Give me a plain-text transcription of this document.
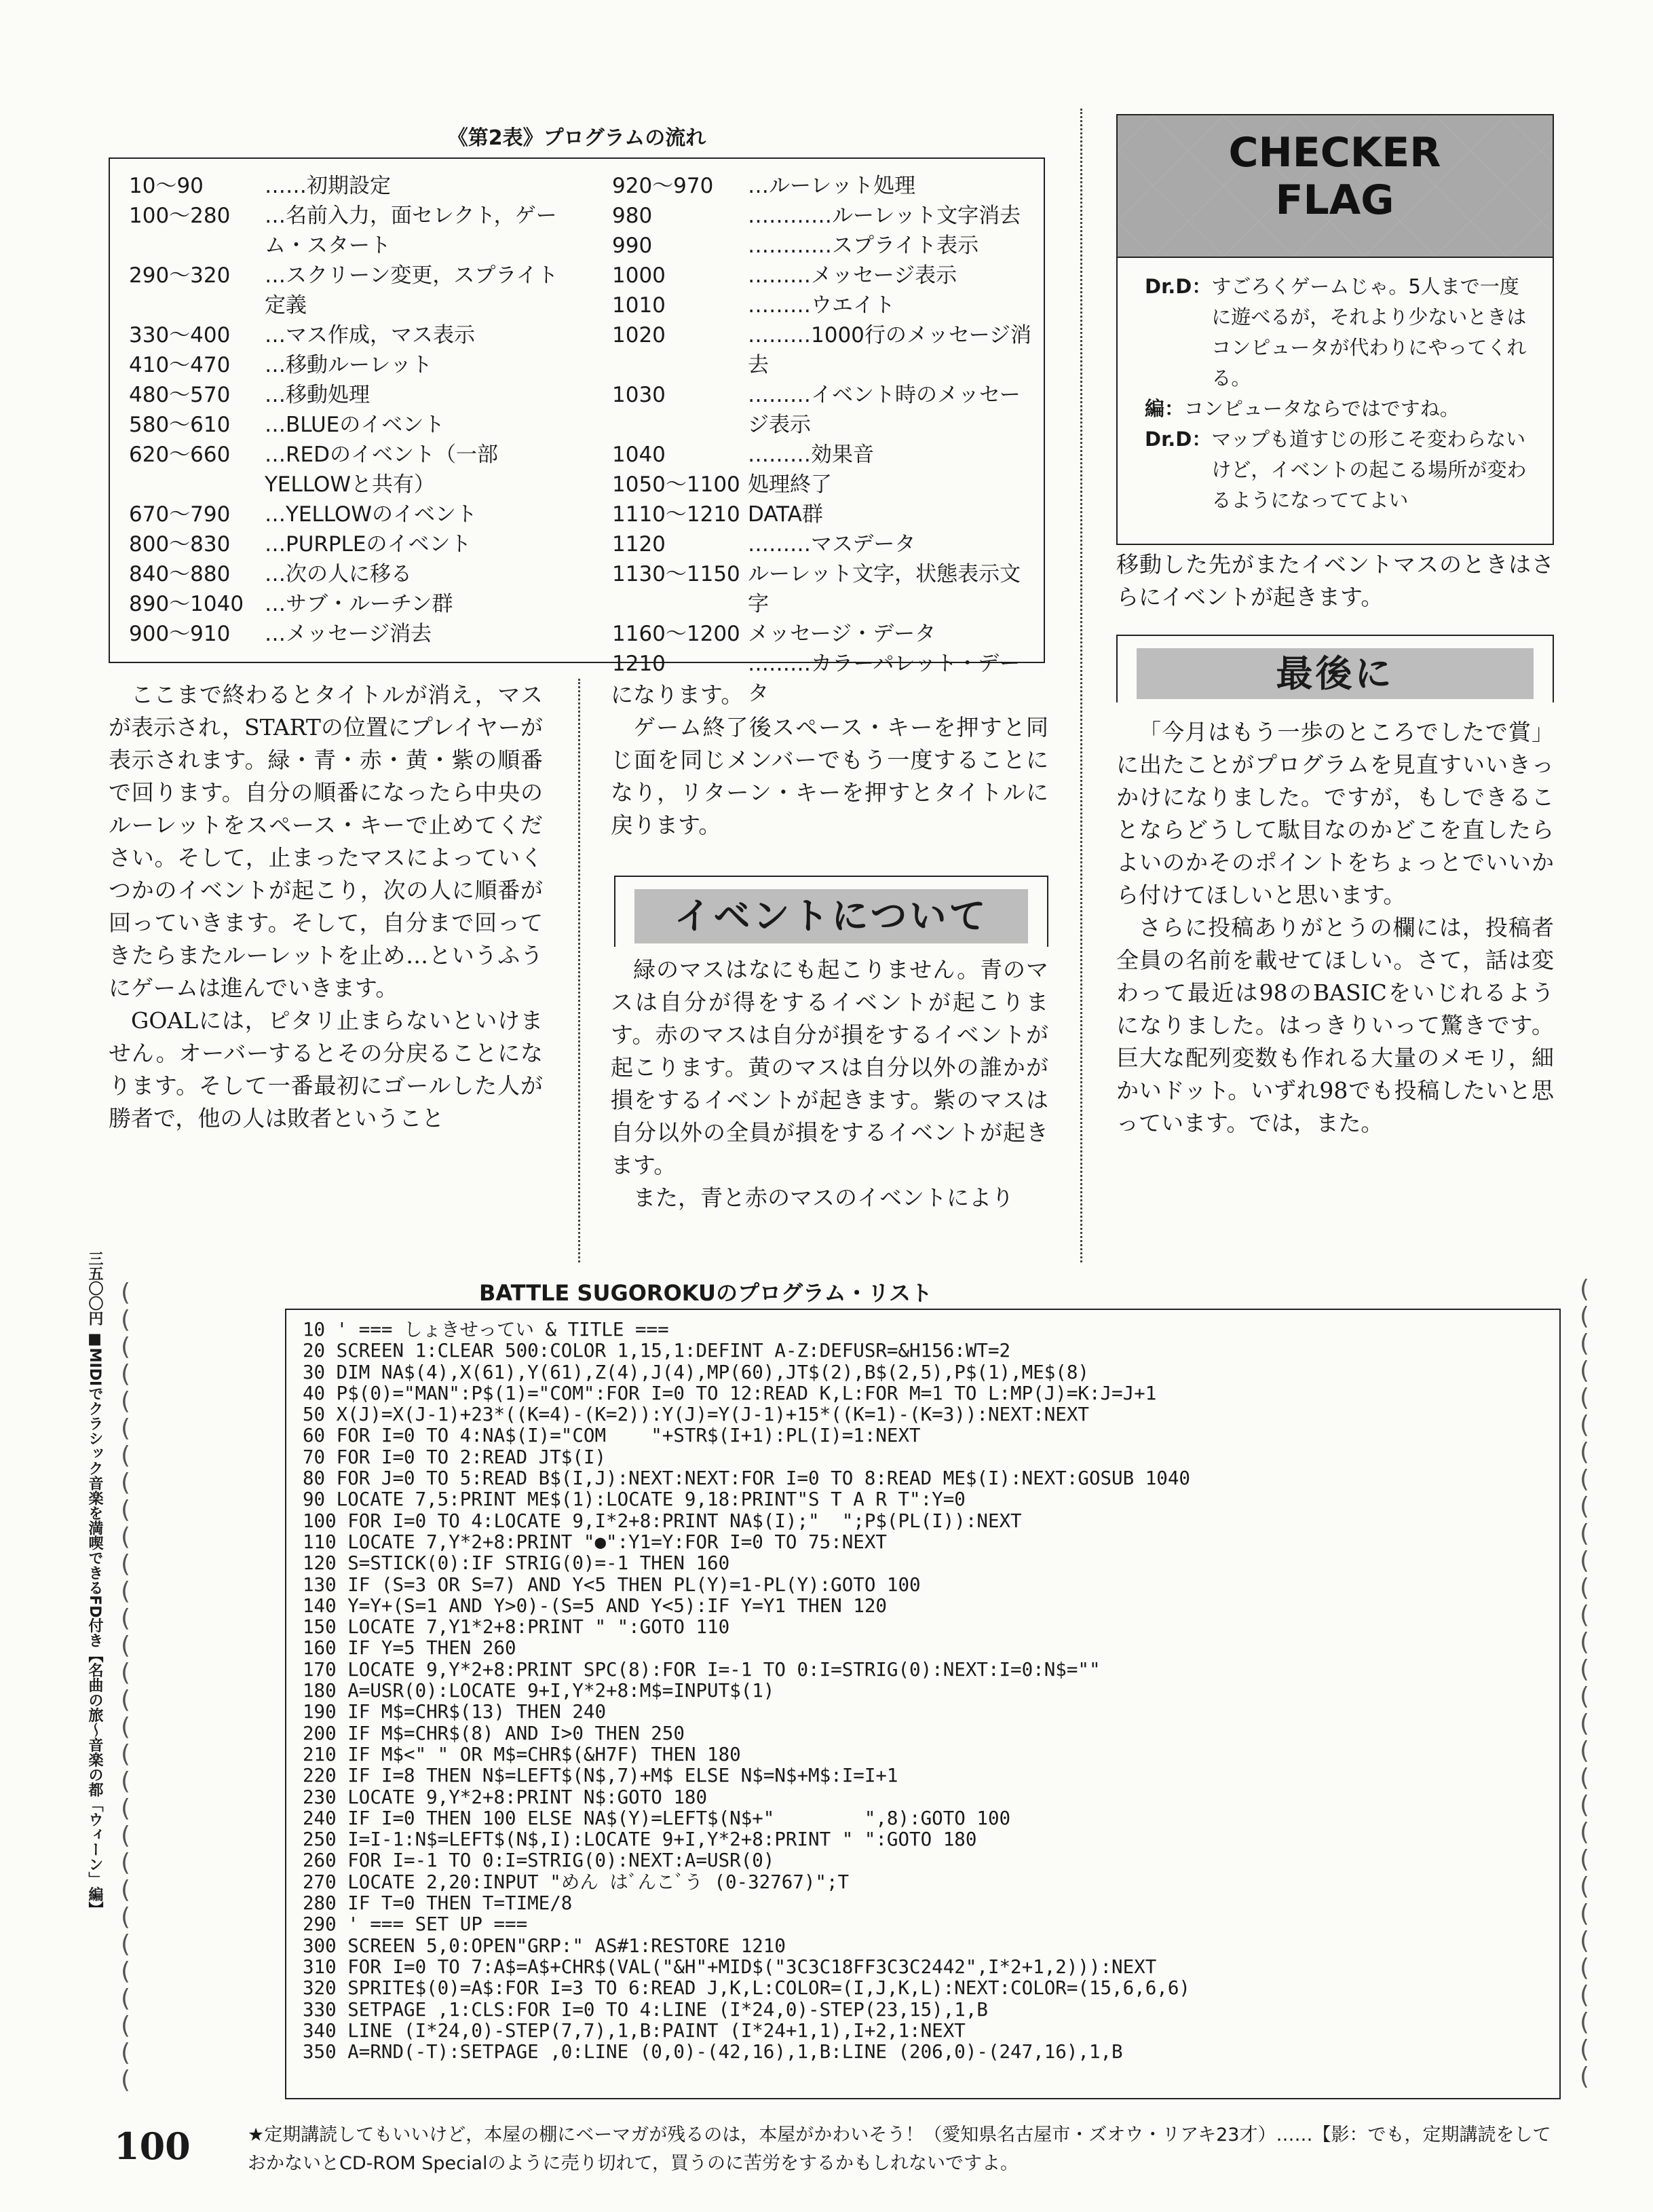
《第2表》プログラムの流れ
10～90	……初期設定
100～280	…名前入力，面セレクト，ゲーム・スタート
290～320	…スクリーン変更，スプライト定義
330～400	…マス作成，マス表示
410～470	…移動ルーレット
480～570	…移動処理
580～610	…BLUEのイベント
620～660	…REDのイベント（一部YELLOWと共有）
670～790	…YELLOWのイベント
800～830	…PURPLEのイベント
840～880	…次の人に移る
890～1040 …サブ・ルーチン群
900～910	…メッセージ消去
920～970	…ルーレット処理
980	…………ルーレット文字消去
990	…………スプライト表示
1000	………メッセージ表示
1010	………ウエイト
1020	………1000行のメッセージ消去
1030	………イベント時のメッセージ表示
1040	………効果音
1050～1100 処理終了
1110～1210 DATA群
1120	………マスデータ
1130～1150 ルーレット文字，状態表示文字
1160～1200 メッセージ・データ
1210	………カラーパレット・データ

ここまで終わるとタイトルが消え，マスが表示され，STARTの位置にプレイヤーが表示されます。緑・青・赤・黄・紫の順番で回ります。自分の順番になったら中央のルーレットをスペース・キーで止めてください。そして，止まったマスによっていくつかのイベントが起こり，次の人に順番が回っていきます。そして，自分まで回ってきたらまたルーレットを止め…というふうにゲームは進んでいきます。

GOALには，ピタリ止まらないといけません。オーバーするとその分戻ることになります。そして一番最初にゴールした人が勝者で，他の人は敗者ということ

になります。

ゲーム終了後スペース・キーを押すと同じ面を同じメンバーでもう一度することになり，リターン・キーを押すとタイトルに戻ります。

イベントについて

緑のマスはなにも起こりません。青のマスは自分が得をするイベントが起こります。赤のマスは自分が損をするイベントが起こります。黄のマスは自分以外の誰かが損をするイベントが起きます。紫のマスは自分以外の全員が損をするイベントが起きます。

また，青と赤のマスのイベントにより

CHECKER
FLAG
Dr.D： すごろくゲームじゃ。5人まで一度に遊べるが，それより少ないときはコンピュータが代わりにやってくれる。
編： コンピュータならではですね。
Dr.D： マップも道すじの形こそ変わらないけど，イベントの起こる場所が変わるようになっててよい

移動した先がまたイベントマスのときはさらにイベントが起きます。

最後に

「今月はもう一歩のところでしたで賞」に出たことがプログラムを見直すいいきっかけになりました。ですが，もしできることならどうして駄目なのかどこを直したらよいのかそのポイントをちょっとでいいから付けてほしいと思います。

さらに投稿ありがとうの欄には，投稿者全員の名前を載せてほしい。さて，話は変わって最近は98のBASICをいじれるようになりました。はっきりいって驚きです。巨大な配列変数も作れる大量のメモリ，細かいドット。いずれ98でも投稿したいと思っています。では，また。

BATTLE SUGOROKUのプログラム・リスト
10 ' === しょきせってい & TITLE ===
20 SCREEN 1:CLEAR 500:COLOR 1,15,1:DEFINT A-Z:DEFUSR=&H156:WT=2
30 DIM NA$(4),X(61),Y(61),Z(4),J(4),MP(60),JT$(2),B$(2,5),P$(1),ME$(8)
40 P$(0)="MAN":P$(1)="COM":FOR I=0 TO 12:READ K,L:FOR M=1 TO L:MP(J)=K:J=J+1
50 X(J)=X(J-1)+23*((K=4)-(K=2)):Y(J)=Y(J-1)+15*((K=1)-(K=3)):NEXT:NEXT
60 FOR I=0 TO 4:NA$(I)="COM    "+STR$(I+1):PL(I)=1:NEXT
70 FOR I=0 TO 2:READ JT$(I)
80 FOR J=0 TO 5:READ B$(I,J):NEXT:NEXT:FOR I=0 TO 8:READ ME$(I):NEXT:GOSUB 1040
90 LOCATE 7,5:PRINT ME$(1):LOCATE 9,18:PRINT"S T A R T":Y=0
100 FOR I=0 TO 4:LOCATE 9,I*2+8:PRINT NA$(I);"  ";P$(PL(I)):NEXT
110 LOCATE 7,Y*2+8:PRINT "●":Y1=Y:FOR I=0 TO 75:NEXT
120 S=STICK(0):IF STRIG(0)=-1 THEN 160
130 IF (S=3 OR S=7) AND Y<5 THEN PL(Y)=1-PL(Y):GOTO 100
140 Y=Y+(S=1 AND Y>0)-(S=5 AND Y<5):IF Y=Y1 THEN 120
150 LOCATE 7,Y1*2+8:PRINT " ":GOTO 110
160 IF Y=5 THEN 260
170 LOCATE 9,Y*2+8:PRINT SPC(8):FOR I=-1 TO 0:I=STRIG(0):NEXT:I=0:N$=""
180 A=USR(0):LOCATE 9+I,Y*2+8:M$=INPUT$(1)
190 IF M$=CHR$(13) THEN 240
200 IF M$=CHR$(8) AND I>0 THEN 250
210 IF M$<" " OR M$=CHR$(&H7F) THEN 180
220 IF I=8 THEN N$=LEFT$(N$,7)+M$ ELSE N$=N$+M$:I=I+1
230 LOCATE 9,Y*2+8:PRINT N$:GOTO 180
240 IF I=0 THEN 100 ELSE NA$(Y)=LEFT$(N$+"        ",8):GOTO 100
250 I=I-1:N$=LEFT$(N$,I):LOCATE 9+I,Y*2+8:PRINT " ":GOTO 180
260 FOR I=-1 TO 0:I=STRIG(0):NEXT:A=USR(0)
270 LOCATE 2,20:INPUT "めん はﾞんこﾞう (0-32767)";T
280 IF T=0 THEN T=TIME/8
290 ' === SET UP ===
300 SCREEN 5,0:OPEN"GRP:" AS#1:RESTORE 1210
310 FOR I=0 TO 7:A$=A$+CHR$(VAL("&H"+MID$("3C3C18FF3C3C2442",I*2+1,2))):NEXT
320 SPRITE$(0)=A$:FOR I=3 TO 6:READ J,K,L:COLOR=(I,J,K,L):NEXT:COLOR=(15,6,6,6)
330 SETPAGE ,1:CLS:FOR I=0 TO 4:LINE (I*24,0)-STEP(23,15),1,B
340 LINE (I*24,0)-STEP(7,7),1,B:PAINT (I*24+1,1),I+2,1:NEXT
350 A=RND(-T):SETPAGE ,0:LINE (0,0)-(42,16),1,B:LINE (206,0)-(247,16),1,B
(
(
(
(
(
(
(
(
(
(
(
(
(
(
(
(
(
(
(
(
(
(
(
(
(
(
(
(
(
(
(
(
(
(
(
(
(
(
(
(
(
(
(
(
(
(
(
(
(
(
(
(
(
(
(
(
(
(
(
(
三五〇〇円 ■MIDIでクラシック音楽を満喫できるFD付き【名曲の旅～音楽の都「ウィーン」編】
100	★定期講読してもいいけど，本屋の棚にベーマガが残るのは，本屋がかわいそう！（愛知県名古屋市・ズオウ・リアキ23才）……【影：でも，定期講読をしておかないとCD-ROM Specialのように売り切れて，買うのに苦労をするかもしれないですよ。
